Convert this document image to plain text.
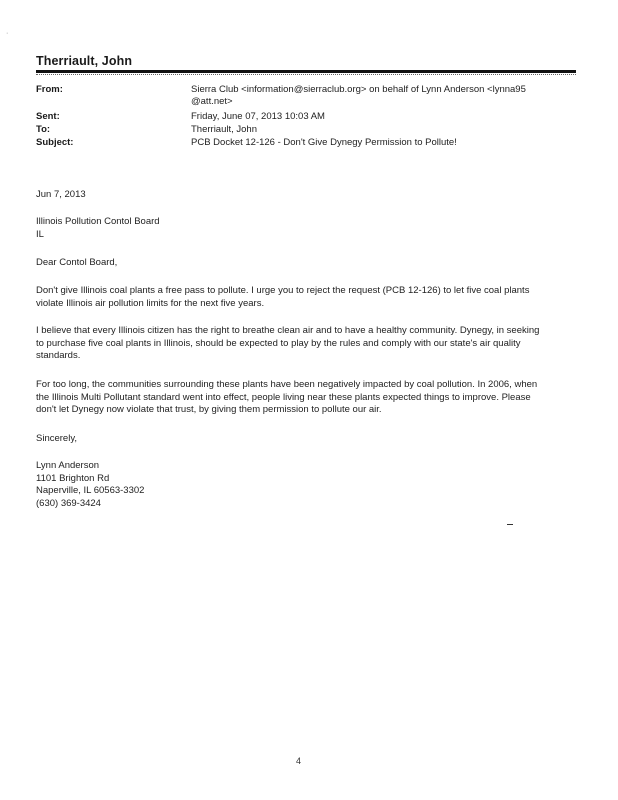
·
Therriault, John
From:	Sierra Club <information@sierraclub.org> on behalf of Lynn Anderson <lynna95
@att.net>
Sent:	Friday, June 07, 2013 10:03 AM
To:	Therriault, John
Subject:	PCB Docket 12-126 - Don't Give Dynegy Permission to Pollute!
Jun 7, 2013

Illinois Pollution Contol Board

IL

Dear Contol Board,

Don't give Illinois coal plants a free pass to pollute. I urge you to reject the request (PCB 12-126) to let five coal plants

violate Illinois air pollution limits for the next five years.

I believe that every Illinois citizen has the right to breathe clean air and to have a healthy community. Dynegy, in seeking

to purchase five coal plants in Illinois, should be expected to play by the rules and comply with our state's air quality

standards.

For too long, the communities surrounding these plants have been negatively impacted by coal pollution. In 2006, when

the Illinois Multi Pollutant standard went into effect, people living near these plants expected things to improve. Please

don't let Dynegy now violate that trust, by giving them permission to pollute our air.

Sincerely,

Lynn Anderson

1101 Brighton Rd

Naperville, IL 60563-3302

(630) 369-3424

4
